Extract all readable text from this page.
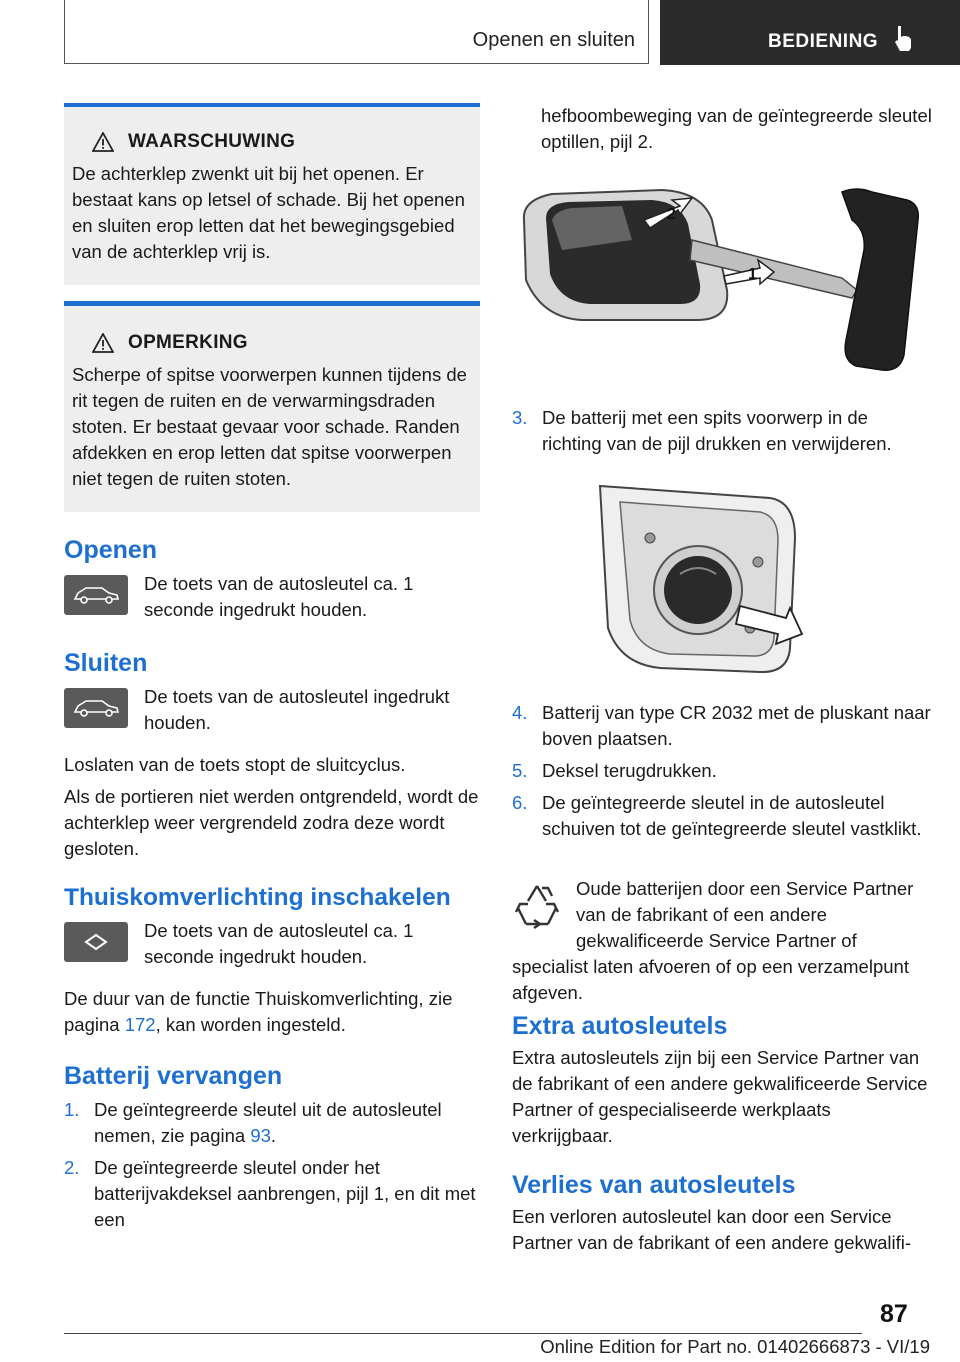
Openen en sluiten	BEDIENING
WAARSCHUWING

De achterklep zwenkt uit bij het openen. Er bestaat kans op letsel of schade. Bij het openen en sluiten erop letten dat het bewegingsgebied van de achterklep vrij is.

OPMERKING

Scherpe of spitse voorwerpen kunnen tijdens de rit tegen de ruiten en de verwarmingsdraden stoten. Er bestaat gevaar voor schade. Randen afdekken en erop letten dat spitse voorwerpen niet tegen de ruiten stoten.

Openen
De toets van de autosleutel ca. 1 seconde ingedrukt houden.
Sluiten
De toets van de autosleutel ingedrukt houden.

Loslaten van de toets stopt de sluitcyclus.

Als de portieren niet werden ontgrendeld, wordt de achterklep weer vergrendeld zodra deze wordt gesloten.

Thuiskomverlichting inschakelen
De toets van de autosleutel ca. 1 seconde ingedrukt houden.

De duur van de functie Thuiskomverlichting, zie pagina 172, kan worden ingesteld.

Batterij vervangen
1. De geïntegreerde sleutel uit de autosleutel nemen, zie pagina 93.
2. De geïntegreerde sleutel onder het batterijvakdeksel aanbrengen, pijl 1, en dit met een

hefboombeweging van de geïntegreerde sleutel optillen, pijl 2.

2
1
3. De batterij met een spits voorwerp in de richting van de pijl drukken en verwijderen.
4. Batterij van type CR 2032 met de pluskant naar boven plaatsen.
5. Deksel terugdrukken.
6. De geïntegreerde sleutel in de autosleutel schuiven tot de geïntegreerde sleutel vastklikt.

Oude batterijen door een Service Partner van de fabrikant of een andere gekwalificeerde Service Partner of specialist laten afvoeren of op een verzamelpunt afgeven.

Extra autosleutels

Extra autosleutels zijn bij een Service Partner van de fabrikant of een andere gekwalificeerde Service Partner of gespecialiseerde werkplaats verkrijgbaar.

Verlies van autosleutels

Een verloren autosleutel kan door een Service Partner van de fabrikant of een andere gekwalifi-

87
Online Edition for Part no. 01402666873 - VI/19
